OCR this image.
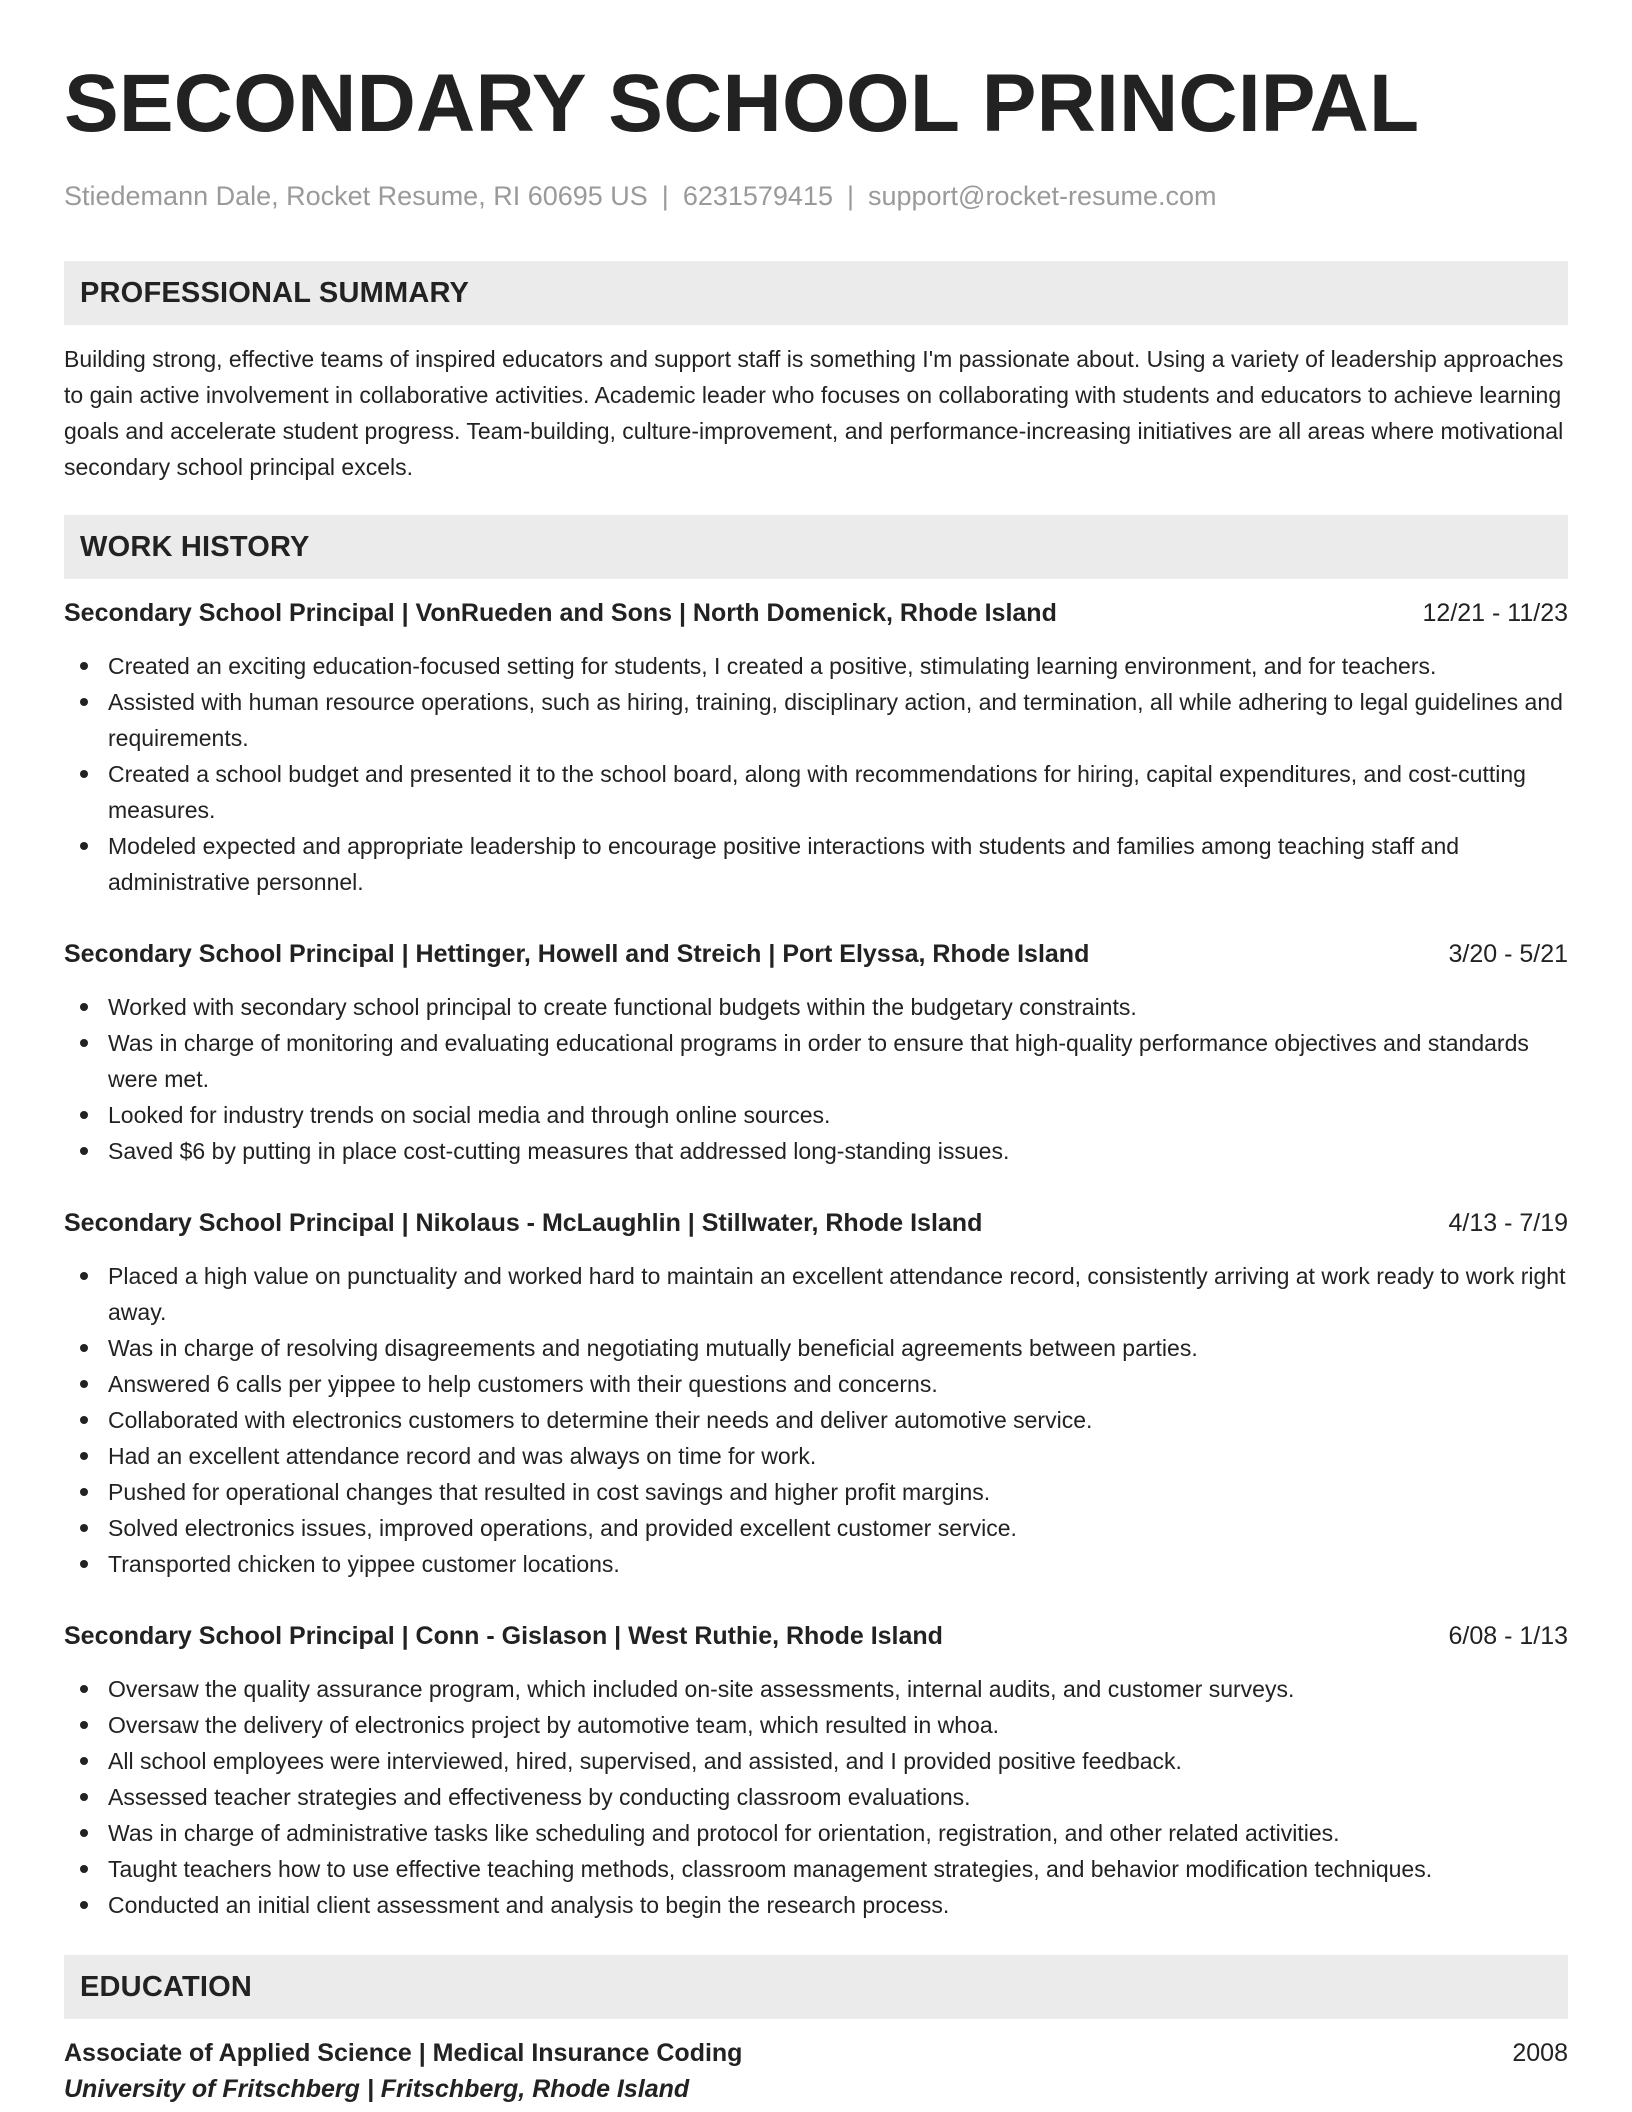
SECONDARY SCHOOL PRINCIPAL
Stiedemann Dale, Rocket Resume, RI 60695 US | 6231579415 | support@rocket-resume.com
PROFESSIONAL SUMMARY
Building strong, effective teams of inspired educators and support staff is something I'm passionate about. Using a variety of leadership approaches to gain active involvement in collaborative activities. Academic leader who focuses on collaborating with students and educators to achieve learning goals and accelerate student progress. Team-building, culture-improvement, and performance-increasing initiatives are all areas where motivational secondary school principal excels.
WORK HISTORY
Secondary School Principal | VonRueden and Sons | North Domenick, Rhode Island	12/21 - 11/23
Created an exciting education-focused setting for students, I created a positive, stimulating learning environment, and for teachers.
Assisted with human resource operations, such as hiring, training, disciplinary action, and termination, all while adhering to legal guidelines and requirements.
Created a school budget and presented it to the school board, along with recommendations for hiring, capital expenditures, and cost-cutting measures.
Modeled expected and appropriate leadership to encourage positive interactions with students and families among teaching staff and administrative personnel.
Secondary School Principal | Hettinger, Howell and Streich | Port Elyssa, Rhode Island	3/20 - 5/21
Worked with secondary school principal to create functional budgets within the budgetary constraints.
Was in charge of monitoring and evaluating educational programs in order to ensure that high-quality performance objectives and standards were met.
Looked for industry trends on social media and through online sources.
Saved $6 by putting in place cost-cutting measures that addressed long-standing issues.
Secondary School Principal | Nikolaus - McLaughlin | Stillwater, Rhode Island	4/13 - 7/19
Placed a high value on punctuality and worked hard to maintain an excellent attendance record, consistently arriving at work ready to work right away.
Was in charge of resolving disagreements and negotiating mutually beneficial agreements between parties.
Answered 6 calls per yippee to help customers with their questions and concerns.
Collaborated with electronics customers to determine their needs and deliver automotive service.
Had an excellent attendance record and was always on time for work.
Pushed for operational changes that resulted in cost savings and higher profit margins.
Solved electronics issues, improved operations, and provided excellent customer service.
Transported chicken to yippee customer locations.
Secondary School Principal | Conn - Gislason | West Ruthie, Rhode Island	6/08 - 1/13
Oversaw the quality assurance program, which included on-site assessments, internal audits, and customer surveys.
Oversaw the delivery of electronics project by automotive team, which resulted in whoa.
All school employees were interviewed, hired, supervised, and assisted, and I provided positive feedback.
Assessed teacher strategies and effectiveness by conducting classroom evaluations.
Was in charge of administrative tasks like scheduling and protocol for orientation, registration, and other related activities.
Taught teachers how to use effective teaching methods, classroom management strategies, and behavior modification techniques.
Conducted an initial client assessment and analysis to begin the research process.
EDUCATION
Associate of Applied Science | Medical Insurance Coding	2008
University of Fritschberg | Fritschberg, Rhode Island
